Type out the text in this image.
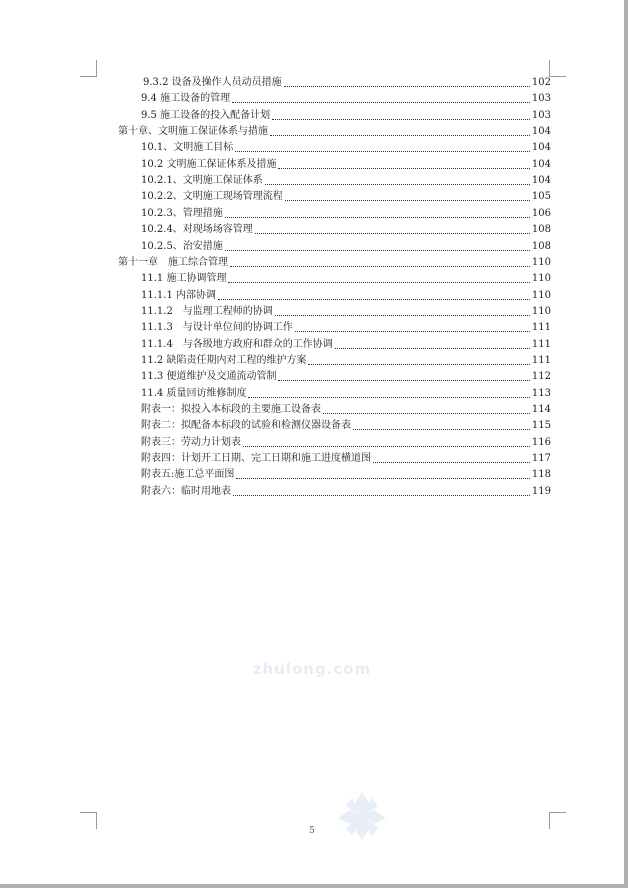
9.3.2 设备及操作人员动员措施	102
9.4 施工设备的管理	103
9.5 施工设备的投入配备计划	103
第十章、文明施工保证体系与措施	104
10.1、文明施工目标	104
10.2 文明施工保证体系及措施	104
10.2.1、文明施工保证体系	104
10.2.2、文明施工现场管理流程	105
10.2.3、管理措施	106
10.2.4、对现场场容管理	108
10.2.5、治安措施	108
第十一章　施工综合管理	110
11.1 施工协调管理	110
11.1.1 内部协调	110
11.1.2　与监理工程师的协调	110
11.1.3　与设计单位间的协调工作	111
11.1.4　与各级地方政府和群众的工作协调	111
11.2 缺陷责任期内对工程的维护方案	111
11.3 便道维护及交通流动管制	112
11.4 质量回访维修制度	113
附表一：拟投入本标段的主要施工设备表	114
附表二：拟配备本标段的试验和检测仪器设备表	115
附表三：劳动力计划表	116
附表四：计划开工日期、完工日期和施工进度横道图	117
附表五:施工总平面图	118
附表六：临时用地表	119
zhulong.com
5
